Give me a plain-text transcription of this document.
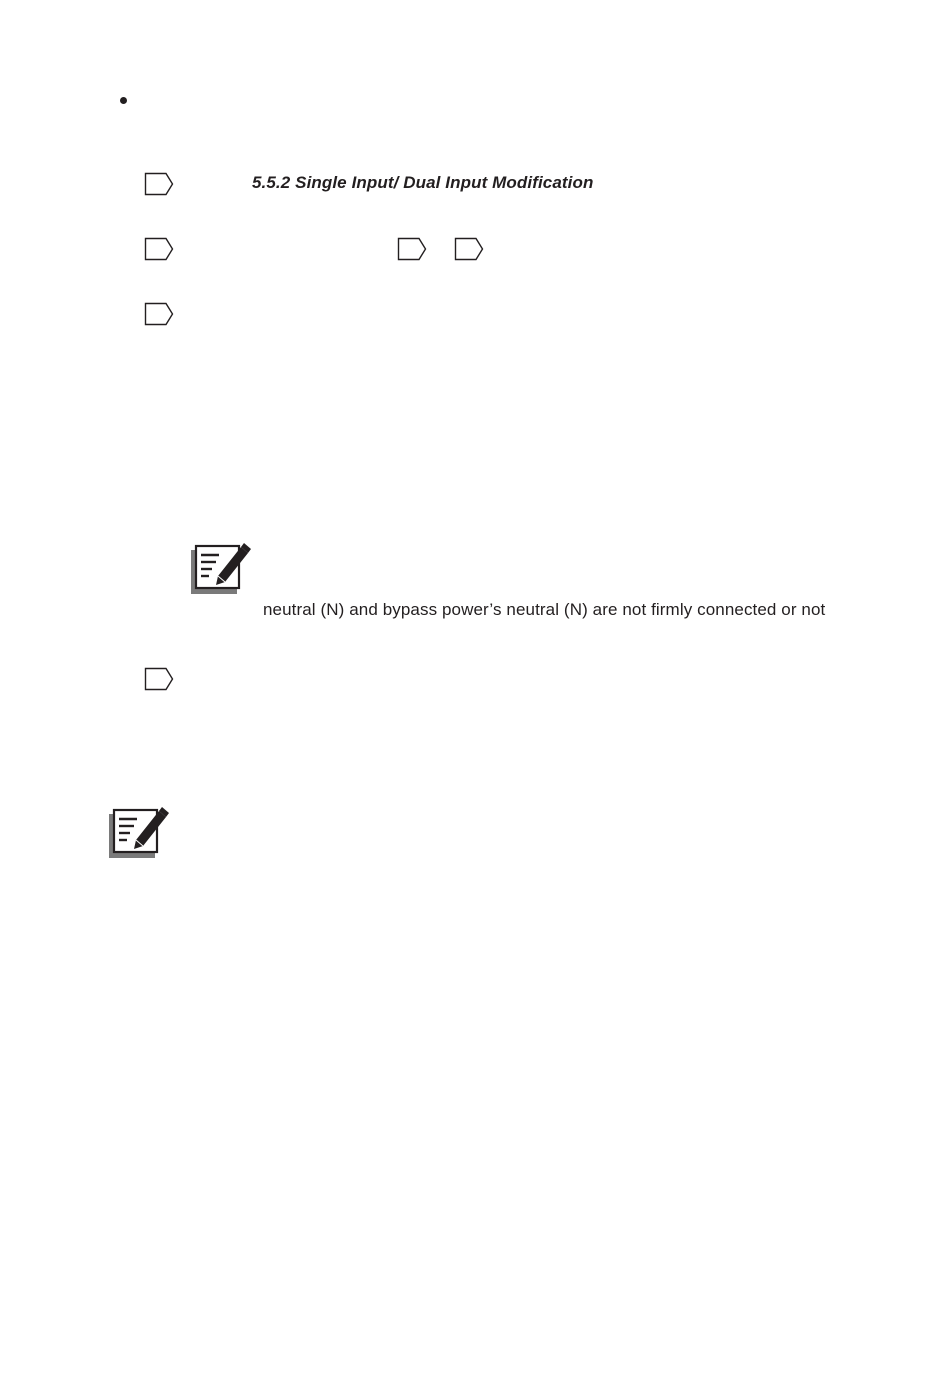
5.5.2 Single Input/ Dual Input Modification
neutral (N) and bypass power’s neutral (N) are not firmly connected or not
